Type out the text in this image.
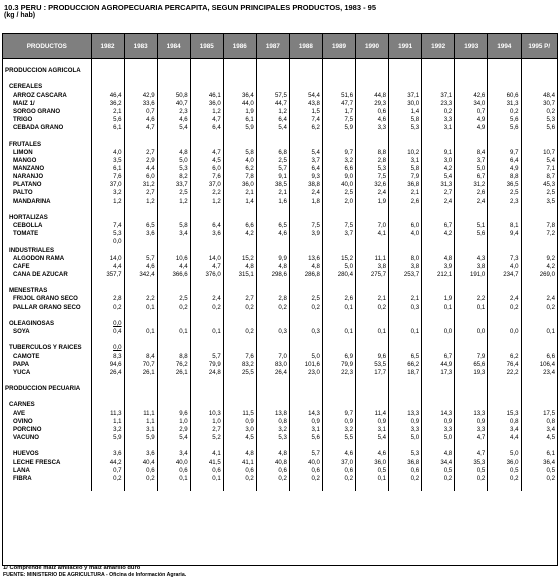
10.3 PERU : PRODUCCION AGROPECUARIA PERCAPITA, SEGUN PRINCIPALES PRODUCTOS, 1983 - 95
(kg / hab)
PRODUCTOS	1982	1983	1984	1985	1986	1987	1988	1989	1990	1991	1992	1993	1994	1995 P/

PRODUCCION AGRICOLA														

CEREALES														
ARROZ CASCARA	46,4	42,9	50,8	46,1	36,4	57,5	54,4	51,6	44,8	37,1	37,1	42,6	60,6	48,4
MAIZ 1/	36,2	33,6	40,7	36,0	44,0	44,7	43,8	47,7	29,3	30,0	23,3	34,0	31,3	30,7
SORGO GRANO	2,1	0,7	2,3	1,2	1,9	1,2	1,5	1,7	0,6	1,4	0,2	0,7	0,2	0,2
TRIGO	5,6	4,6	4,6	4,7	6,1	6,4	7,4	7,5	4,6	5,8	3,3	4,9	5,6	5,3
CEBADA GRANO	6,1	4,7	5,4	6,4	5,9	5,4	6,2	5,9	3,3	5,3	3,1	4,9	5,6	5,6

FRUTALES														
LIMON	4,0	2,7	4,8	4,7	5,8	6,8	5,4	9,7	8,8	10,2	9,1	8,4	9,7	10,7
MANGO	3,5	2,9	5,0	4,5	4,0	2,5	3,7	3,2	2,8	3,1	3,0	3,7	6,4	5,4
MANZANO	6,1	4,4	5,3	6,0	6,2	5,7	6,4	6,6	5,3	5,8	4,2	5,0	4,9	7,1
NARANJO	7,6	6,0	8,2	7,6	7,8	9,1	9,3	9,0	7,5	7,9	5,4	6,7	8,8	8,7
PLATANO	37,0	31,2	33,7	37,0	36,0	38,5	38,8	40,0	32,6	36,8	31,3	31,2	36,5	45,3
PALTO	3,2	2,7	2,5	2,2	2,1	2,1	2,4	2,5	2,4	2,1	2,7	2,6	2,5	2,5
MANDARINA	1,2	1,2	1,2	1,2	1,4	1,6	1,8	2,0	1,9	2,6	2,4	2,4	2,3	3,5

HORTALIZAS														
CEBOLLA	7,4	6,5	5,8	6,4	6,6	6,5	7,5	7,5	7,0	6,0	6,7	5,1	8,1	7,8
TOMATE	5,3	3,6	3,4	3,6	4,2	4,6	3,9	3,7	4,1	4,0	4,2	5,6	9,4	7,2
	0,0													
INDUSTRIALES														
ALGODON RAMA	14,0	5,7	10,6	14,0	15,2	9,9	13,6	15,2	11,1	8,0	4,8	4,3	7,3	9,2
CAFE	4,4	4,6	4,4	4,7	4,8	4,8	4,8	5,0	3,8	3,8	3,9	3,8	4,0	4,2
CAÑA DE AZUCAR	357,7	342,4	366,6	376,0	315,1	298,6	286,8	280,4	275,7	253,7	212,1	191,0	234,7	269,0

MENESTRAS														
FRIJOL GRANO SECO	2,8	2,2	2,5	2,4	2,7	2,8	2,5	2,6	2,1	2,1	1,9	2,2	2,4	2,4
PALLAR GRANO SECO	0,2	0,1	0,2	0,2	0,2	0,2	0,2	0,1	0,2	0,3	0,1	0,1	0,2	0,2

OLEAGINOSAS	0,0													
SOYA	0,4	0,1	0,1	0,1	0,2	0,3	0,3	0,1	0,1	0,1	0,0	0,0	0,0	0,1

TUBERCULOS Y RAICES	0,0													
CAMOTE	8,3	8,4	8,8	5,7	7,6	7,0	5,0	6,9	9,6	6,5	6,7	7,9	6,2	6,6
PAPA	94,6	70,7	76,2	79,9	83,2	83,0	101,6	79,9	53,5	66,2	44,9	65,6	76,4	106,4
YUCA	26,4	26,1	26,1	24,8	25,5	26,4	23,0	22,3	17,7	18,7	17,3	19,3	22,2	23,4

PRODUCCION PECUARIA														

CARNES														
AVE	11,3	11,1	9,6	10,3	11,5	13,8	14,3	9,7	11,4	13,3	14,3	13,3	15,3	17,5
OVINO	1,1	1,1	1,0	1,0	0,9	0,8	0,9	0,9	0,9	0,9	0,9	0,9	0,8	0,8
PORCINO	3,2	3,1	2,9	2,7	3,0	3,2	3,1	3,2	3,1	3,3	3,3	3,3	3,4	3,4
VACUNO	5,9	5,9	5,4	5,2	4,5	5,3	5,6	5,5	5,4	5,0	5,0	4,7	4,4	4,5

HUEVOS	3,6	3,6	3,4	4,1	4,8	4,8	5,7	4,6	4,6	5,3	4,8	4,7	5,0	6,1
LECHE FRESCA	44,2	40,4	40,0	41,5	41,1	40,8	40,0	37,0	36,0	36,8	34,4	35,3	36,0	36,4
LANA	0,7	0,6	0,6	0,6	0,6	0,6	0,6	0,6	0,5	0,6	0,5	0,5	0,5	0,5
FIBRA	0,2	0,2	0,1	0,1	0,2	0,2	0,2	0,2	0,1	0,2	0,2	0,2	0,2	0,2

1/ Comprende maiz amilaceo y maiz amarillo duro
FUENTE: MINISTERIO DE AGRICULTURA - Oficina de Información Agraria.
